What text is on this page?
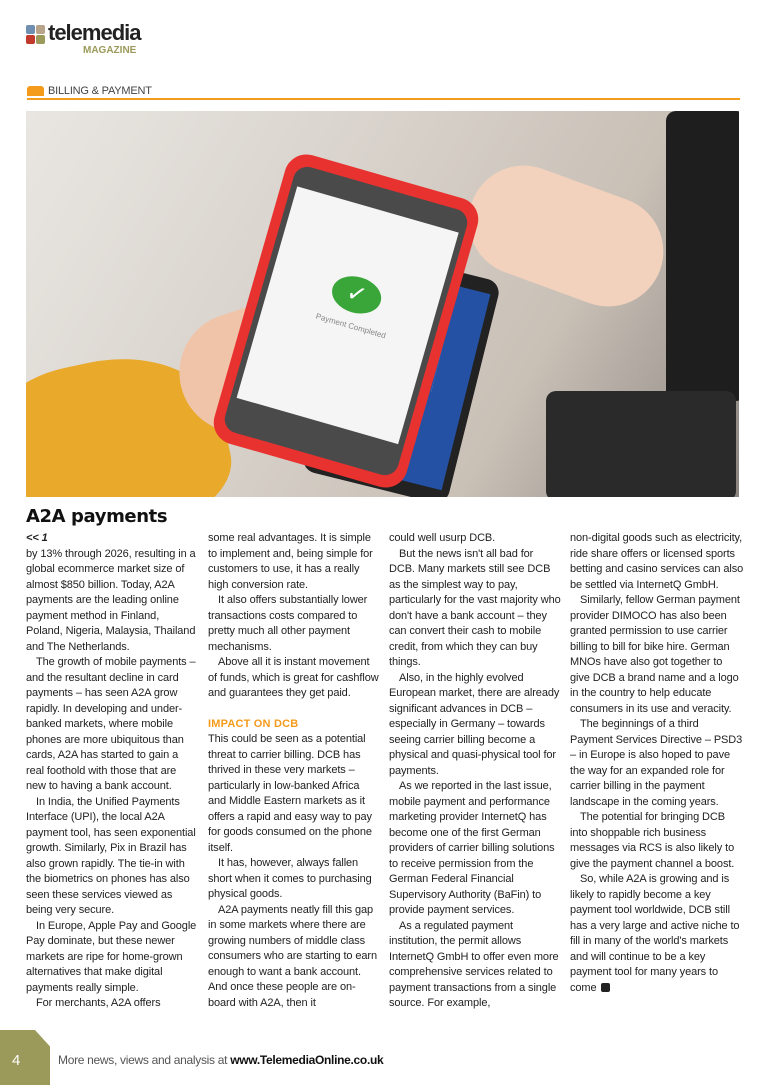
telemedia
MAGAZINE
BILLING & PAYMENT
✓
Payment Completed
A2A payments
<< 1

by 13% through 2026, resulting in a global ecommerce market size of almost $850 billion. Today, A2A payments are the leading online payment method in Finland, Poland, Nigeria, Malaysia, Thailand and The Netherlands.

The growth of mobile payments – and the resultant decline in card payments – has seen A2A grow rapidly. In developing and under-banked markets, where mobile phones are more ubiquitous than cards, A2A has started to gain a real foothold with those that are new to having a bank account.

In India, the Unified Payments Interface (UPI), the local A2A payment tool, has seen exponential growth. Similarly, Pix in Brazil has also grown rapidly. The tie-in with the biometrics on phones has also seen these services viewed as being very secure.

In Europe, Apple Pay and Google Pay dominate, but these newer markets are ripe for home-grown alternatives that make digital payments really simple.

For merchants, A2A offers

some real advantages. It is simple to implement and, being simple for customers to use, it has a really high conversion rate.

It also offers substantially lower transactions costs compared to pretty much all other payment mechanisms.

Above all it is instant movement of funds, which is great for cashflow and guarantees they get paid.

IMPACT ON DCB

This could be seen as a potential threat to carrier billing. DCB has thrived in these very markets – particularly in low-banked Africa and Middle Eastern markets as it offers a rapid and easy way to pay for goods consumed on the phone itself.

It has, however, always fallen short when it comes to purchasing physical goods.

A2A payments neatly fill this gap in some markets where there are growing numbers of middle class consumers who are starting to earn enough to want a bank account. And once these people are on-board with A2A, then it

could well usurp DCB.

But the news isn't all bad for DCB. Many markets still see DCB as the simplest way to pay, particularly for the vast majority who don't have a bank account – they can convert their cash to mobile credit, from which they can buy things.

Also, in the highly evolved European market, there are already significant advances in DCB – especially in Germany – towards seeing carrier billing become a physical and quasi-physical tool for payments.

As we reported in the last issue, mobile payment and performance marketing provider InternetQ has become one of the first German providers of carrier billing solutions to receive permission from the German Federal Financial Supervisory Authority (BaFin) to provide payment services.

As a regulated payment institution, the permit allows InternetQ GmbH to offer even more comprehensive services related to payment transactions from a single source. For example,

non-digital goods such as electricity, ride share offers or licensed sports betting and casino services can also be settled via InternetQ GmbH.

Similarly, fellow German payment provider DIMOCO has also been granted permission to use carrier billing to bill for bike hire. German MNOs have also got together to give DCB a brand name and a logo in the country to help educate consumers in its use and veracity.

The beginnings of a third Payment Services Directive – PSD3 – in Europe is also hoped to pave the way for an expanded role for carrier billing in the payment landscape in the coming years.

The potential for bringing DCB into shoppable rich business messages via RCS is also likely to give the payment channel a boost.

So, while A2A is growing and is likely to rapidly become a key payment tool worldwide, DCB still has a very large and active niche to fill in many of the world's markets and will continue to be a key payment tool for many years to come

4	More news, views and analysis at www.TelemediaOnline.co.uk
